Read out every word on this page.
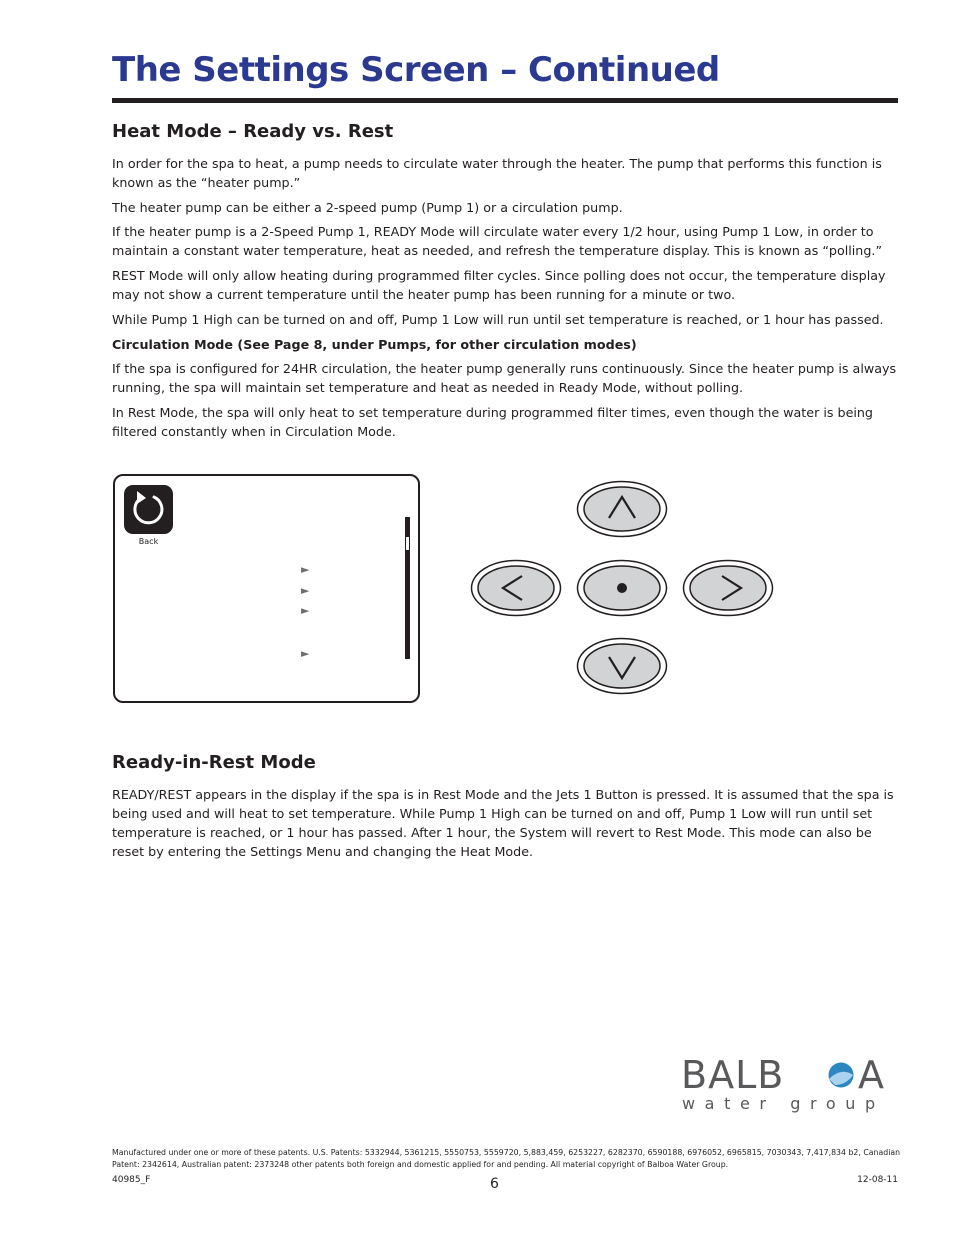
The Settings Screen – Continued
Heat Mode – Ready vs. Rest

In order for the spa to heat, a pump needs to circulate water through the heater. The pump that performs this function is known as the “heater pump.”

The heater pump can be either a 2-speed pump (Pump 1) or a circulation pump.

If the heater pump is a 2-Speed Pump 1, READY Mode will circulate water every 1/2 hour, using Pump 1 Low, in order to maintain a constant water temperature, heat as needed, and refresh the temperature display. This is known as “polling.”

REST Mode will only allow heating during programmed filter cycles. Since polling does not occur, the temperature display may not show a current temperature until the heater pump has been running for a minute or two.

While Pump 1 High can be turned on and off, Pump 1 Low will run until set temperature is reached, or 1 hour has passed.

Circulation Mode (See Page 8, under Pumps, for other circulation modes)

If the spa is configured for 24HR circulation, the heater pump generally runs continuously. Since the heater pump is always running, the spa will maintain set temperature and heat as needed in Ready Mode, without polling.

In Rest Mode, the spa will only heat to set temperature during programmed filter times, even though the water is being filtered constantly when in Circulation Mode.

Back
►
►
►
►
Ready-in-Rest Mode

READY/REST appears in the display if the spa is in Rest Mode and the Jets 1 Button is pressed. It is assumed that the spa is being used and will heat to set temperature. While Pump 1 High can be turned on and off, Pump 1 Low will run until set temperature is reached, or 1 hour has passed. After 1 hour, the System will revert to Rest Mode. This mode can also be reset by entering the Settings Menu and changing the Heat Mode.

BALB A
water group

Manufactured under one or more of these patents. U.S. Patents: 5332944, 5361215, 5550753, 5559720, 5,883,459, 6253227, 6282370, 6590188, 6976052, 6965815, 7030343, 7,417,834 b2, Canadian Patent: 2342614, Australian patent: 2373248 other patents both foreign and domestic applied for and pending. All material copyright of Balboa Water Group.

40985_F	6	12-08-11
